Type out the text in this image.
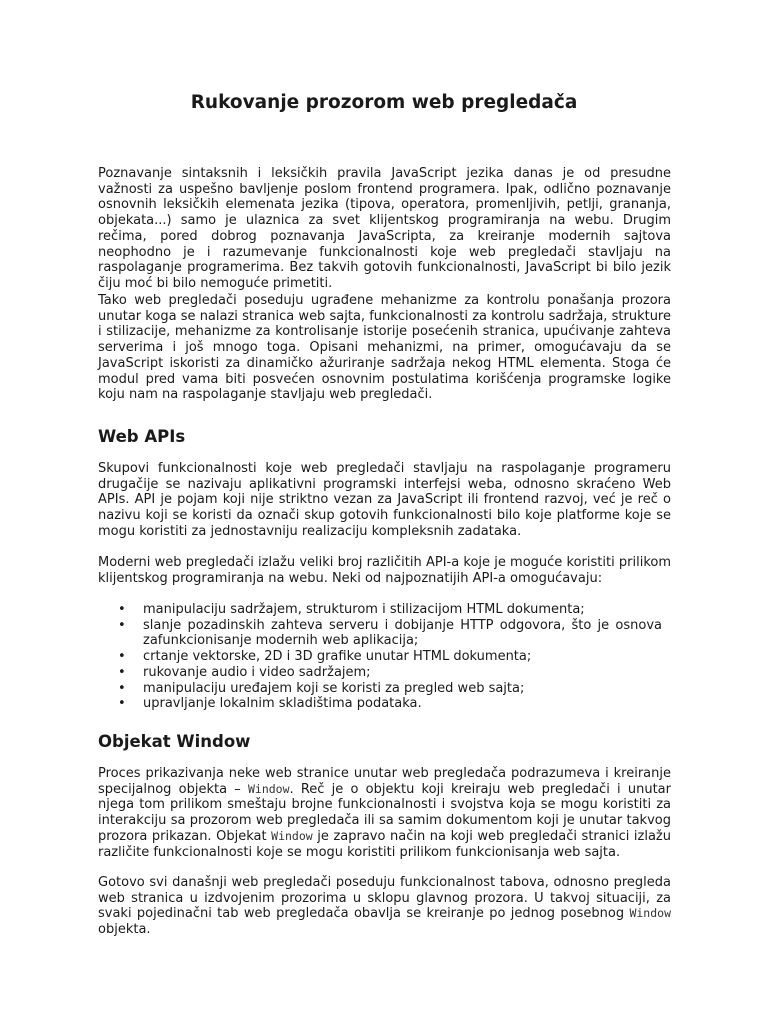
Rukovanje prozorom web pregledača

Poznavanje sintaksnih i leksičkih pravila JavaScript jezika danas je od presudne važnosti za uspešno bavljenje poslom frontend programera. Ipak, odlično poznavanje osnovnih leksičkih elemenata jezika (tipova, operatora, promenljivih, petlji, grananja, objekata...) samo je ulaznica za svet klijentskog programiranja na webu. Drugim rečima, pored dobrog poznavanja JavaScripta, za kreiranje modernih sajtova neophodno je i razumevanje funkcionalnosti koje web pregledači stavljaju na raspolaganje programerima. Bez takvih gotovih funkcionalnosti, JavaScript bi bilo jezik čiju moć bi bilo nemoguće primetiti.

Tako web pregledači poseduju ugrađene mehanizme za kontrolu ponašanja prozora unutar koga se nalazi stranica web sajta, funkcionalnosti za kontrolu sadržaja, strukture i stilizacije, mehanizme za kontrolisanje istorije posećenih stranica, upućivanje zahteva serverima i još mnogo toga. Opisani mehanizmi, na primer, omogućavaju da se JavaScript iskoristi za dinamičko ažuriranje sadržaja nekog HTML elementa. Stoga će modul pred vama biti posvećen osnovnim postulatima korišćenja programske logike koju nam na raspolaganje stavljaju web pregledači.

Web APIs

Skupovi funkcionalnosti koje web pregledači stavljaju na raspolaganje programeru drugačije se nazivaju aplikativni programski interfejsi weba, odnosno skraćeno Web APIs. API je pojam koji nije striktno vezan za JavaScript ili frontend razvoj, već je reč o nazivu koji se koristi da označi skup gotovih funkcionalnosti bilo koje platforme koje se mogu koristiti za jednostavniju realizaciju kompleksnih zadataka.

Moderni web pregledači izlažu veliki broj različitih API-a koje je moguće koristiti prilikom klijentskog programiranja na webu. Neki od najpoznatijih API-a omogućavaju:

• manipulaciju sadržajem, strukturom i stilizacijom HTML dokumenta;
• slanje pozadinskih zahteva serveru i dobijanje HTTP odgovora, što je osnova zafunkcionisanje modernih web aplikacija;
• crtanje vektorske, 2D i 3D grafike unutar HTML dokumenta;
• rukovanje audio i video sadržajem;
• manipulaciju uređajem koji se koristi za pregled web sajta;
• upravljanje lokalnim skladištima podataka.
Objekat Window

Proces prikazivanja neke web stranice unutar web pregledača podrazumeva i kreiranje specijalnog objekta – Window. Reč je o objektu koji kreiraju web pregledači i unutar njega tom prilikom smeštaju brojne funkcionalnosti i svojstva koja se mogu koristiti za interakciju sa prozorom web pregledača ili sa samim dokumentom koji je unutar takvog prozora prikazan. Objekat Window je zapravo način na koji web pregledači stranici izlažu različite funkcionalnosti koje se mogu koristiti prilikom funkcionisanja web sajta.

Gotovo svi današnji web pregledači poseduju funkcionalnost tabova, odnosno pregleda web stranica u izdvojenim prozorima u sklopu glavnog prozora. U takvoj situaciji, za svaki pojedinačni tab web pregledača obavlja se kreiranje po jednog posebnog Window objekta.
